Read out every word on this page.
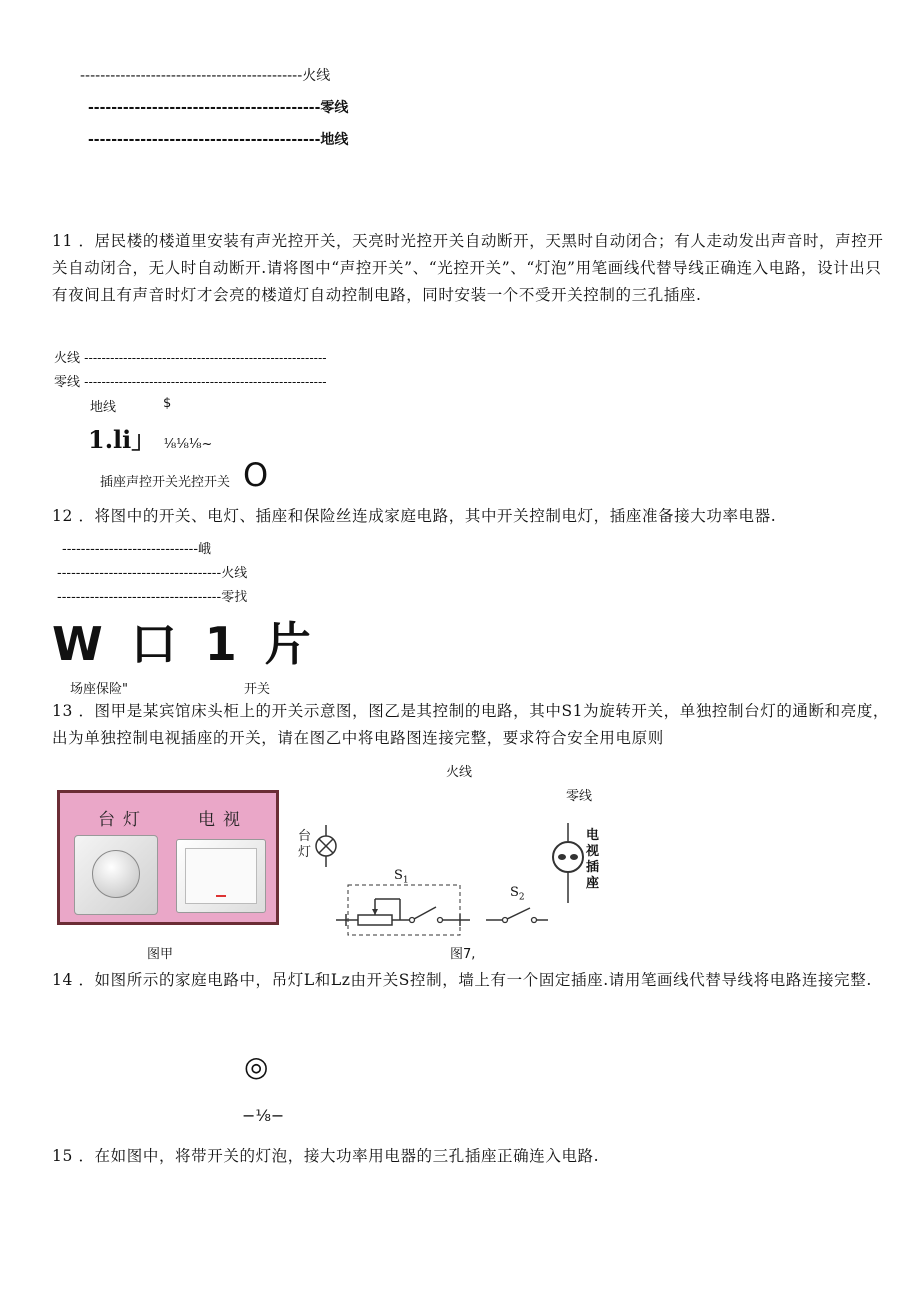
--------------------------------------------火线
----------------------------------------零线
----------------------------------------地线
11 ．居民楼的楼道里安装有声光控开关，天亮时光控开关自动断开，天黑时自动闭合；有人走动发出声音时，声控开关自动闭合，无人时自动断开.请将图中“声控开关”、“光控开关”、“灯泡”用笔画线代替导线正确连入电路，设计出只有夜间且有声音时灯才会亮的楼道灯自动控制电路，同时安装一个不受开关控制的三孔插座.
火线 --------------------------------------------------------
零线 --------------------------------------------------------
地线	$
1.li」 ⅛⅛⅛~
插座声控开关光控开关 O
12 ．将图中的开关、电灯、插座和保险丝连成家庭电路，其中开关控制电灯，插座准备接大功率电器.
-----------------------------峨
-----------------------------------火线
-----------------------------------零找
W 口 1 片
场座保险"	开关
13 ．图甲是某宾馆床头柜上的开关示意图，图乙是其控制的电路，其中S1为旋转开关，单独控制台灯的通断和亮度，出为单独控制电视插座的开关，请在图乙中将电路图连接完整，要求符合安全用电原则
火线
零线
台灯	电视
台
灯
电
视
插
座
$S_1$
$S_2$
图甲	图7,
14 ．如图所示的家庭电路中，吊灯L和Lz由开关S控制，墙上有一个固定插座.请用笔画线代替导线将电路连接完整.
◎
−⅛−
15 ．在如图中，将带开关的灯泡，接大功率用电器的三孔插座正确连入电路.
